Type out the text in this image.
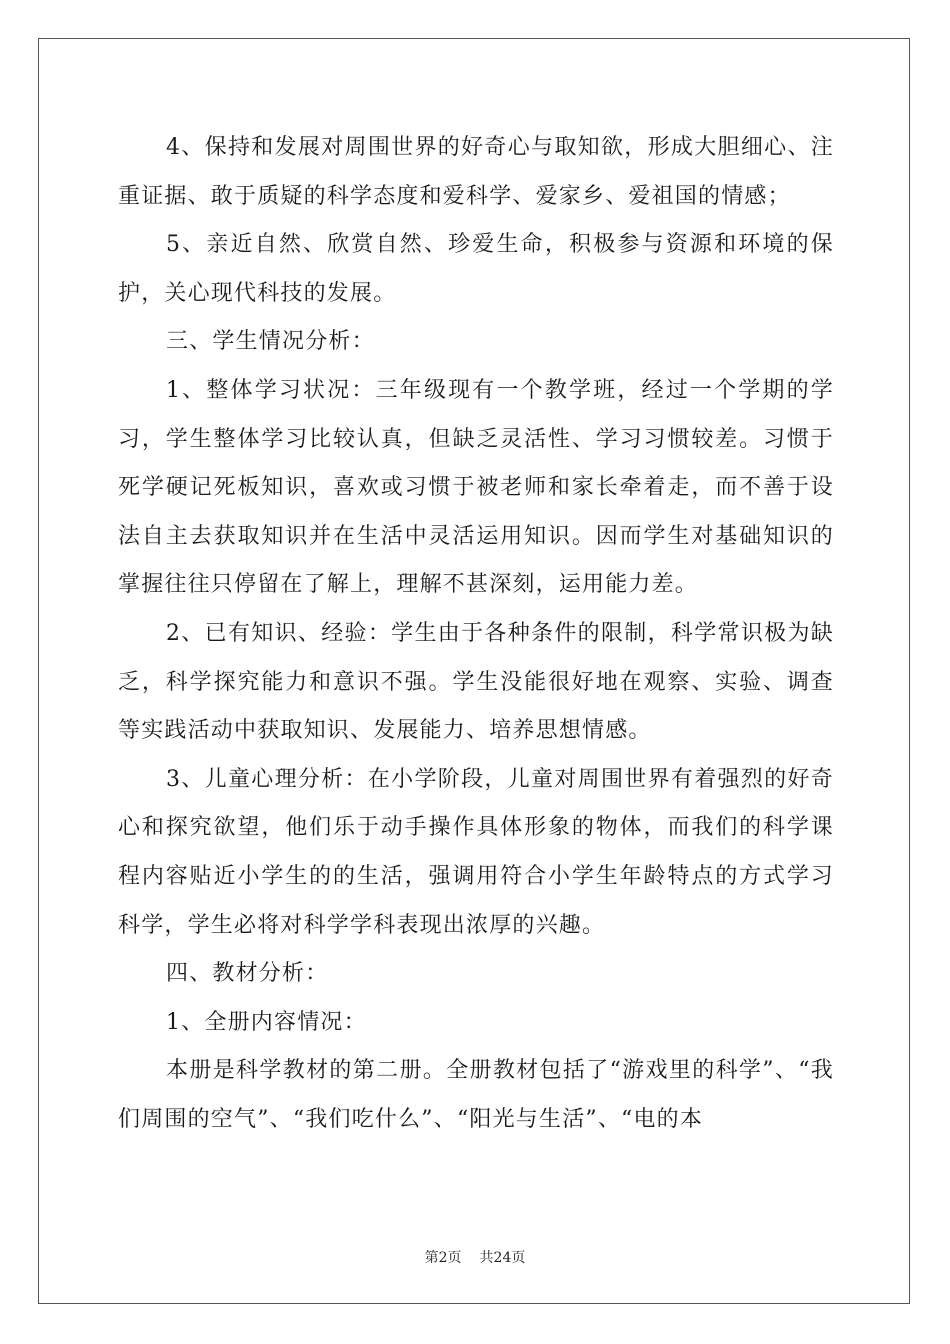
4、保持和发展对周围世界的好奇心与取知欲，形成大胆细心、注重证据、敢于质疑的科学态度和爱科学、爱家乡、爱祖国的情感；

5、亲近自然、欣赏自然、珍爱生命，积极参与资源和环境的保护，关心现代科技的发展。

三、学生情况分析：

1、整体学习状况：三年级现有一个教学班，经过一个学期的学习，学生整体学习比较认真，但缺乏灵活性、学习习惯较差。习惯于死学硬记死板知识，喜欢或习惯于被老师和家长牵着走，而不善于设法自主去获取知识并在生活中灵活运用知识。因而学生对基础知识的掌握往往只停留在了解上，理解不甚深刻，运用能力差。

2、已有知识、经验：学生由于各种条件的限制，科学常识极为缺乏，科学探究能力和意识不强。学生没能很好地在观察、实验、调查等实践活动中获取知识、发展能力、培养思想情感。

3、儿童心理分析：在小学阶段，儿童对周围世界有着强烈的好奇心和探究欲望，他们乐于动手操作具体形象的物体，而我们的科学课程内容贴近小学生的的生活，强调用符合小学生年龄特点的方式学习科学，学生必将对科学学科表现出浓厚的兴趣。

四、教材分析：

1、全册内容情况：

本册是科学教材的第二册。全册教材包括了“游戏里的科学”、“我们周围的空气”、“我们吃什么”、“阳光与生活”、“电的本

第2页 共24页
